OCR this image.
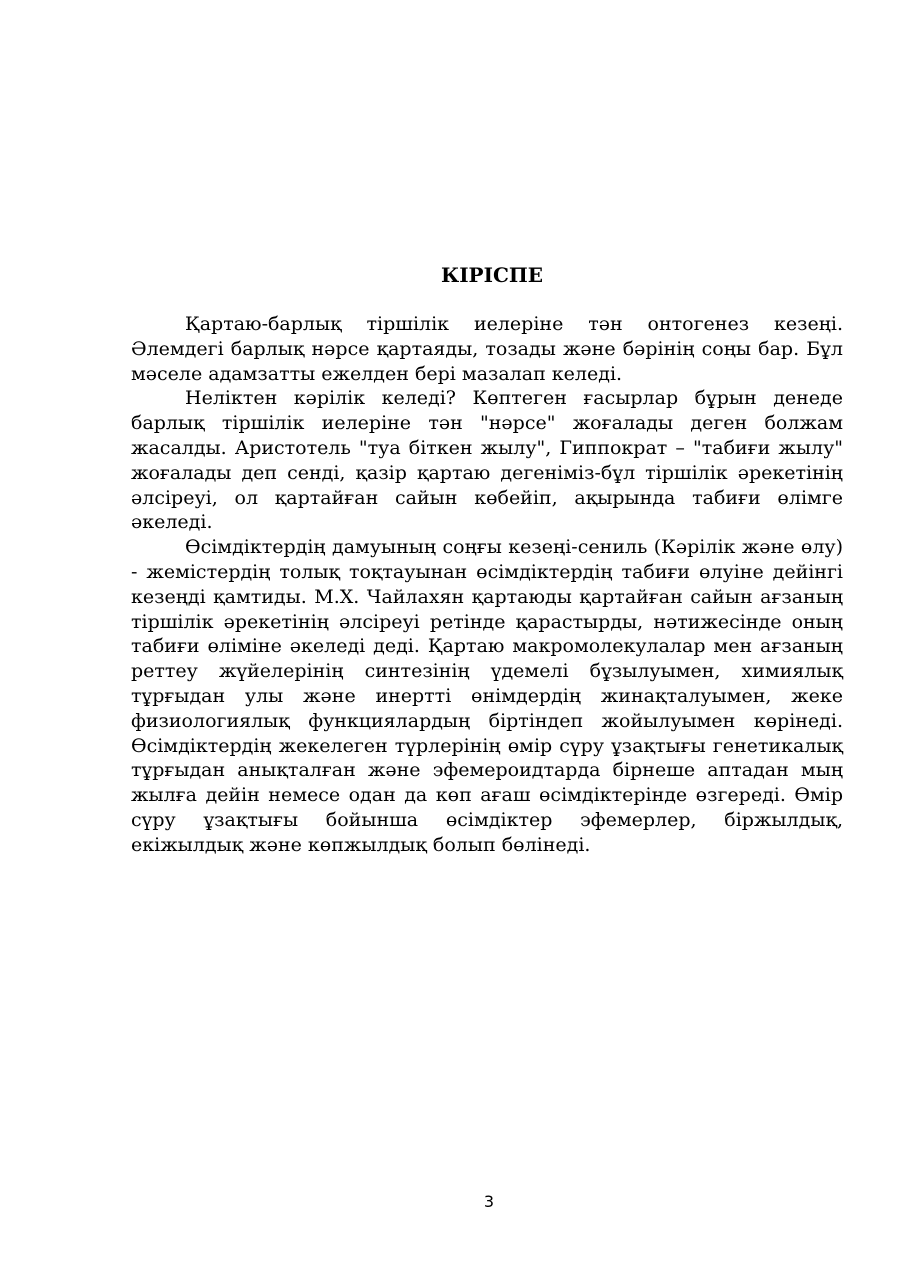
КІРІСПЕ

Қартаю-барлық тіршілік иелеріне тән онтогенез кезеңі. Әлемдегі барлық нәрсе қартаяды, тозады және бәрінің соңы бар. Бұл мәселе адамзатты ежелден бері мазалап келеді.

Неліктен кәрілік келеді? Көптеген ғасырлар бұрын денеде барлық тіршілік иелеріне тән "нәрсе" жоғалады деген болжам жасалды. Аристотель "туа біткен жылу", Гиппократ – "табиғи жылу" жоғалады деп сенді, қазір қартаю дегеніміз-бұл тіршілік әрекетінің әлсіреуі, ол қартайған сайын көбейіп, ақырында табиғи өлімге әкеледі.

Өсімдіктердің дамуының соңғы кезеңі-сениль (Кәрілік және өлу) - жемістердің толық тоқтауынан өсімдіктердің табиғи өлуіне дейінгі кезеңді қамтиды. М.Х. Чайлахян қартаюды қартайған сайын ағзаның тіршілік әрекетінің әлсіреуі ретінде қарастырды, нәтижесінде оның табиғи өліміне әкеледі деді. Қартаю макромолекулалар мен ағзаның реттеу жүйелерінің синтезінің үдемелі бұзылуымен, химиялық тұрғыдан улы және инертті өнімдердің жинақталуымен, жеке физиологиялық функциялардың біртіндеп жойылуымен көрінеді. Өсімдіктердің жекелеген түрлерінің өмір сүру ұзақтығы генетикалық тұрғыдан анықталған және эфемероидтарда бірнеше аптадан мың жылға дейін немесе одан да көп ағаш өсімдіктерінде өзгереді. Өмір сүру ұзақтығы бойынша өсімдіктер эфемерлер, біржылдық, екіжылдық және көпжылдық болып бөлінеді.

3
